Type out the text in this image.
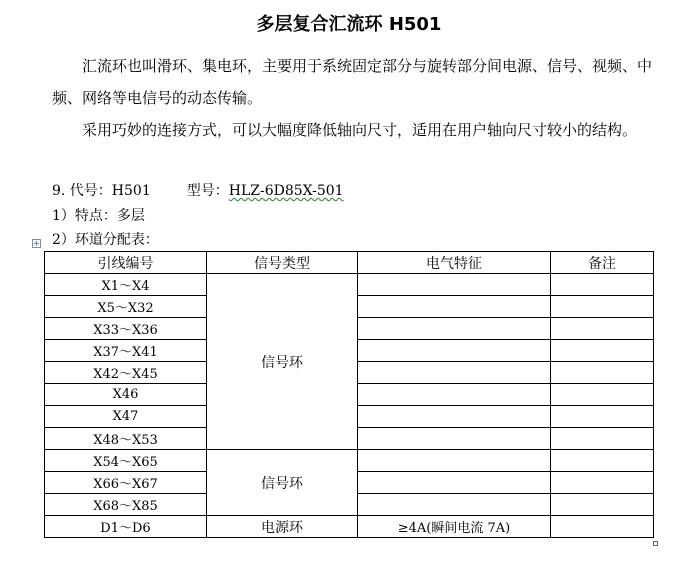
多层复合汇流环 H501
汇流环也叫滑环、集电环，主要用于系统固定部分与旋转部分间电源、信号、视频、中频、网络等电信号的动态传输。
采用巧妙的连接方式，可以大幅度降低轴向尺寸，适用在用户轴向尺寸较小的结构。
9. 代号：H501	型号：HLZ-6D85X-501
1）特点：多层
2）环道分配表：
+
引线编号	信号类型	电气特征	备注
X1～X4	信号环		
X5～X32			
X33～X36			
X37～X41			
X42～X45			
X46			
X47			
X48～X53			
X54～X65	信号环		
X66～X67			
X68～X85			
D1～D6	电源环	≥4A(瞬间电流 7A)	
